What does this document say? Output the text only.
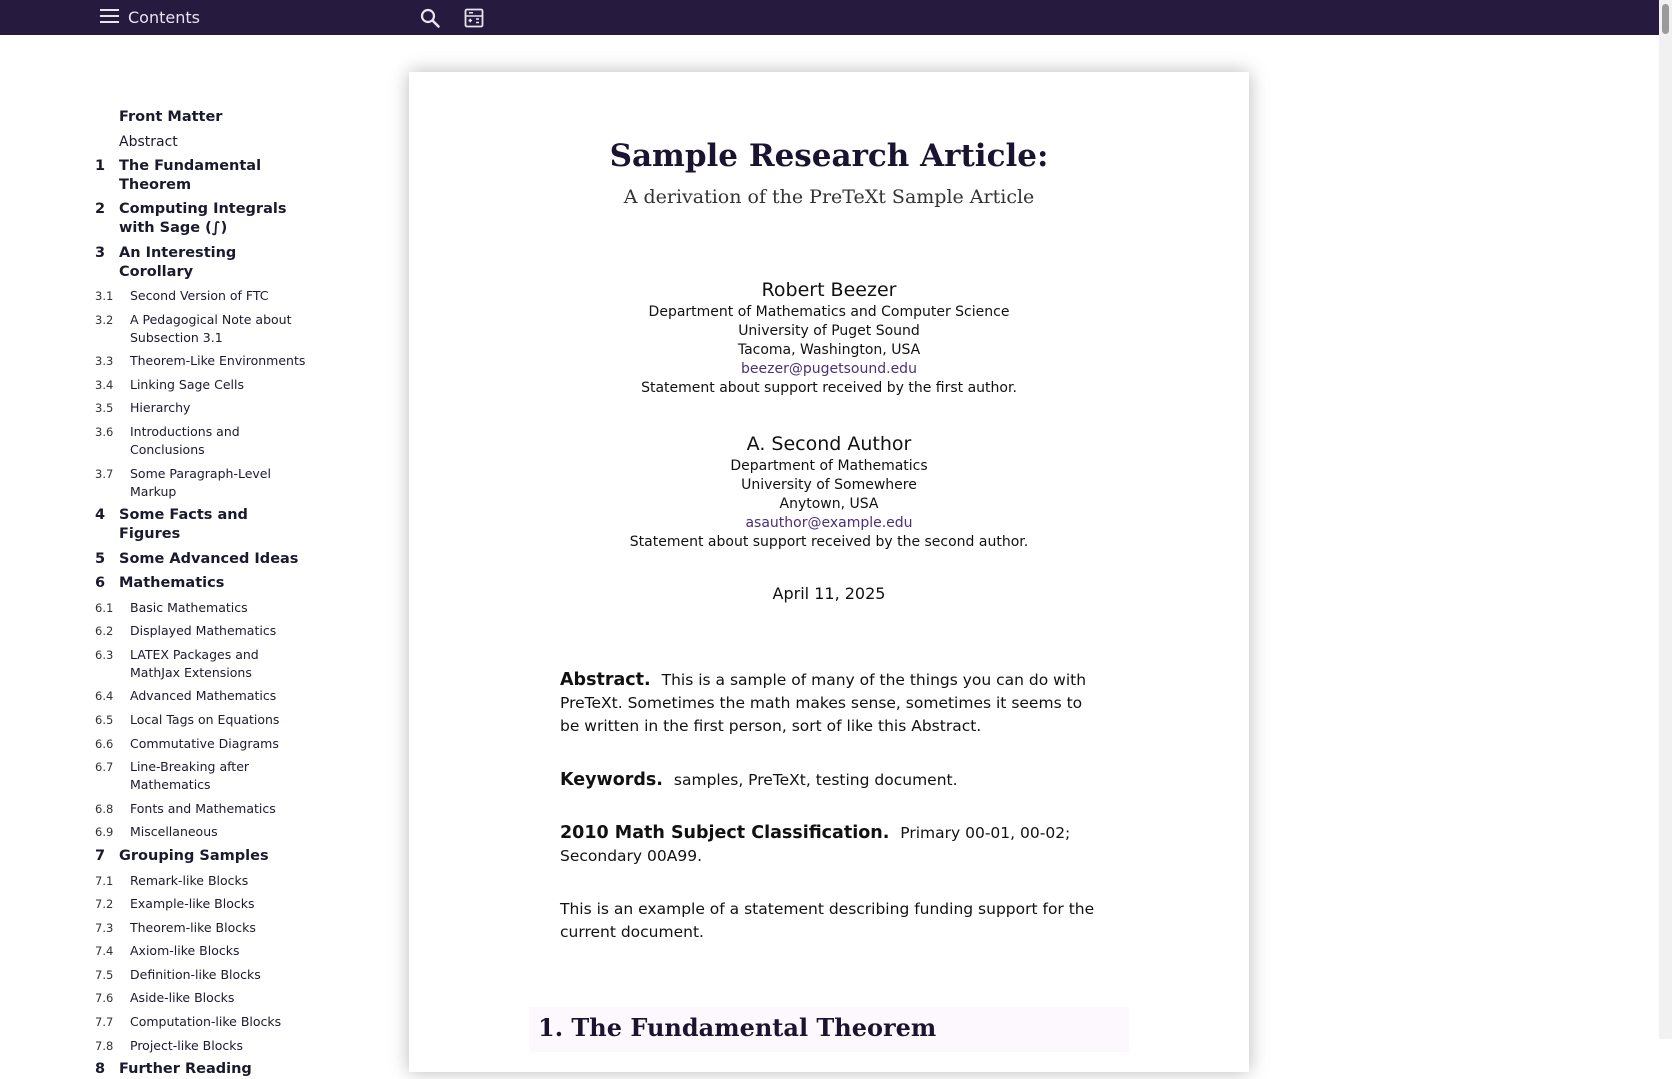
Contents
Front Matter
Abstract
1 The Fundamental Theorem
2 Computing Integrals with Sage (∫)
3 An Interesting Corollary
3.1	Second Version of FTC
3.2	A Pedagogical Note about Subsection 3.1
3.3	Theorem-Like Environments
3.4	Linking Sage Cells
3.5	Hierarchy
3.6	Introductions and Conclusions
3.7	Some Paragraph-Level Markup
4 Some Facts and Figures
5 Some Advanced Ideas
6 Mathematics
6.1	Basic Mathematics
6.2	Displayed Mathematics
6.3	LATEX Packages and MathJax Extensions
6.4	Advanced Mathematics
6.5	Local Tags on Equations
6.6	Commutative Diagrams
6.7	Line-Breaking after Mathematics
6.8	Fonts and Mathematics
6.9	Miscellaneous
7 Grouping Samples
7.1	Remark-like Blocks
7.2	Example-like Blocks
7.3	Theorem-like Blocks
7.4	Axiom-like Blocks
7.5	Definition-like Blocks
7.6	Aside-like Blocks
7.7	Computation-like Blocks
7.8	Project-like Blocks
8 Further Reading
Sample Research Article:
A derivation of the PreTeXt Sample Article
Robert Beezer
Department of Mathematics and Computer Science
University of Puget Sound
Tacoma, Washington, USA
beezer@pugetsound.edu
Statement about support received by the first author.
A. Second Author
Department of Mathematics
University of Somewhere
Anytown, USA
asauthor@example.edu
Statement about support received by the second author.
April 11, 2025
Abstract. This is a sample of many of the things you can do with PreTeXt. Sometimes the math makes sense, sometimes it seems to be written in the first person, sort of like this Abstract.
Keywords. samples, PreTeXt, testing document.
2010 Math Subject Classification. Primary 00-01, 00-02; Secondary 00A99.
This is an example of a statement describing funding support for the current document.
1. The Fundamental Theorem
